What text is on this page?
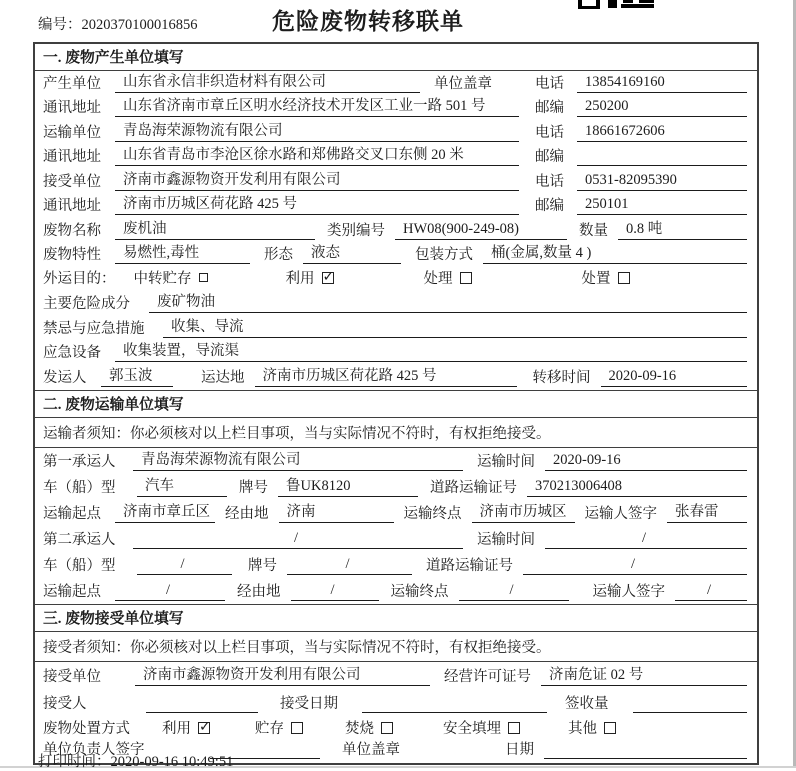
编号：2020370100016856	危险废物转移联单
一. 废物产生单位填写
产生单位	山东省永信非织造材料有限公司	单位盖章	电话	13854169160
通讯地址	山东省济南市章丘区明水经济技术开发区工业一路 501 号	邮编	250200
运输单位	青岛海荣源物流有限公司	电话	18661672606
通讯地址	山东省青岛市李沧区徐水路和郑佛路交叉口东侧 20 米	邮编
接受单位	济南市鑫源物资开发利用有限公司	电话	0531-82095390
通讯地址	济南市历城区荷花路 425 号	邮编	250101
废物名称	废机油	类别编号	HW08(900-249-08)	数量	0.8 吨
废物特性	易燃性,毒性	形态	液态	包装方式	桶(金属,数量 4 )
外运目的： 中转贮存	利用 ✓	处理	处置
主要危险成分	废矿物油
禁忌与应急措施	收集、导流
应急设备	收集装置，导流渠
发运人	郭玉波	运达地	济南市历城区荷花路 425 号	转移时间	2020-09-16
二. 废物运输单位填写
运输者须知：你必须核对以上栏目事项，当与实际情况不符时，有权拒绝接受。
第一承运人	青岛海荣源物流有限公司	运输时间	2020-09-16
车（船）型	汽车	牌号	鲁UK8120	道路运输证号	370213006408
运输起点	济南市章丘区	经由地	济南	运输终点	济南市历城区	运输人签字	张春雷
第二承运人	/	运输时间	/
车（船）型	/	牌号	/	道路运输证号	/
运输起点	/	经由地	/	运输终点	/	运输人签字	/
三. 废物接受单位填写
接受者须知：你必须核对以上栏目事项，当与实际情况不符时，有权拒绝接受。
接受单位	济南市鑫源物资开发利用有限公司	经营许可证号	济南危证 02 号
接受人	接受日期	签收量
废物处置方式 利用 ✓	贮存	焚烧	安全填埋	其他
单位负责人签字	单位盖章	日期
打印时间：2020-09-16 10:49:51
